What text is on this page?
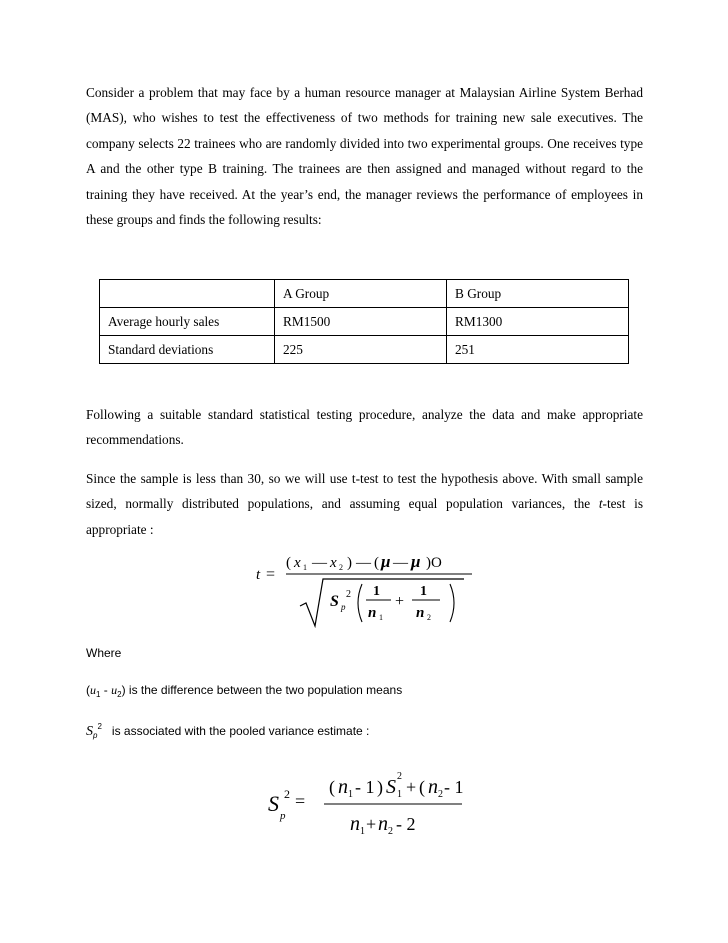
Consider a problem that may face by a human resource manager at Malaysian Airline System Berhad (MAS), who wishes to test the effectiveness of two methods for training new sale executives. The company selects 22 trainees who are randomly divided into two experimental groups. One receives type A and the other type B training. The trainees are then assigned and managed without regard to the training they have received. At the year’s end, the manager reviews the performance of employees in these groups and finds the following results:

	A Group	B Group
Average hourly sales	RM1500	RM1300
Standard deviations	225	251

Following a suitable standard statistical testing procedure, analyze the data and make appropriate recommendations.

Since the sample is less than 30, so we will use t-test to test the hypothesis above. With small sample sized, normally distributed populations, and assuming equal population variances, the t-test is appropriate :

t =
( x 1 — x 2 ) — ( μ — μ )O
S p
2 1
n 1
+
1
n 2

Where

$(u_1 - u_2)$ is the difference between the two population means

$S_p^2$ is associated with the pooled variance estimate :

S p
2 =
( n 1 - 1 ) S 1
2
+ ( n 2 - 1
n 1 + n 2 - 2
